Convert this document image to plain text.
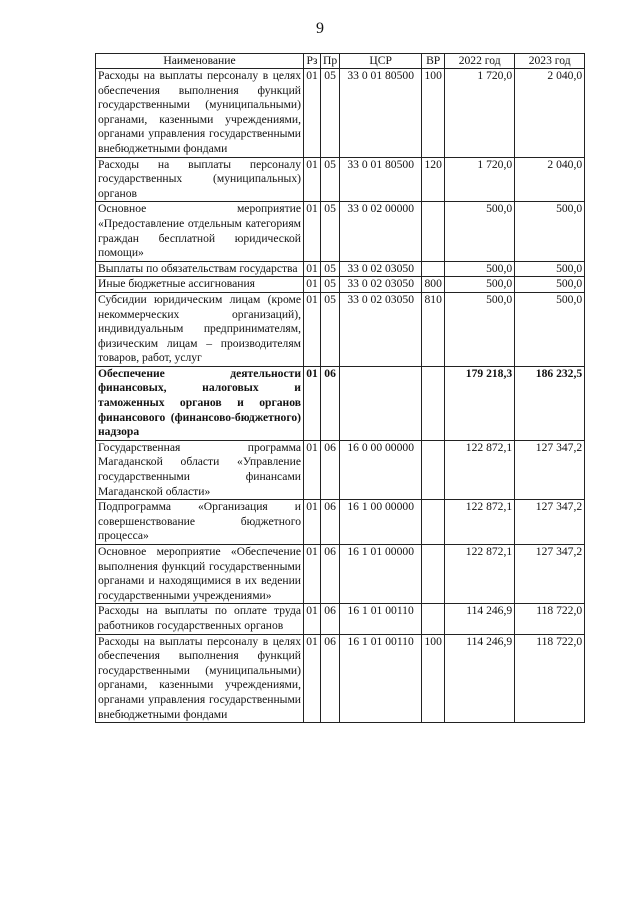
9
Наименование	Рз	Пр	ЦСР	ВР	2022 год	2023 год
Расходы на выплаты персоналу в целях обеспечения выполнения функций государственными (муниципальными) органами, казенными учреждениями, органами управления государственными внебюджетными фондами	01	05	33 0 01 80500	100	1 720,0	2 040,0
Расходы на выплаты персоналу государственных (муниципальных) органов	01	05	33 0 01 80500	120	1 720,0	2 040,0
Основное мероприятие «Предоставление отдельным категориям граждан бесплатной юридической помощи»	01	05	33 0 02 00000		500,0	500,0
Выплаты по обязательствам государства	01	05	33 0 02 03050		500,0	500,0
Иные бюджетные ассигнования	01	05	33 0 02 03050	800	500,0	500,0
Субсидии юридическим лицам (кроме некоммерческих организаций), индивидуальным предпринимателям, физическим лицам – производителям товаров, работ, услуг	01	05	33 0 02 03050	810	500,0	500,0
Обеспечение деятельности финансовых, налоговых и таможенных органов и органов финансового (финансово-бюджетного) надзора	01	06			179 218,3	186 232,5
Государственная программа Магаданской области «Управление государственными финансами Магаданской области»	01	06	16 0 00 00000		122 872,1	127 347,2
Подпрограмма «Организация и совершенствование бюджетного процесса»	01	06	16 1 00 00000		122 872,1	127 347,2
Основное мероприятие «Обеспечение выполнения функций государственными органами и находящимися в их ведении государственными учреждениями»	01	06	16 1 01 00000		122 872,1	127 347,2
Расходы на выплаты по оплате труда работников государственных органов	01	06	16 1 01 00110		114 246,9	118 722,0
Расходы на выплаты персоналу в целях обеспечения выполнения функций государственными (муниципальными) органами, казенными учреждениями, органами управления государственными внебюджетными фондами	01	06	16 1 01 00110	100	114 246,9	118 722,0
